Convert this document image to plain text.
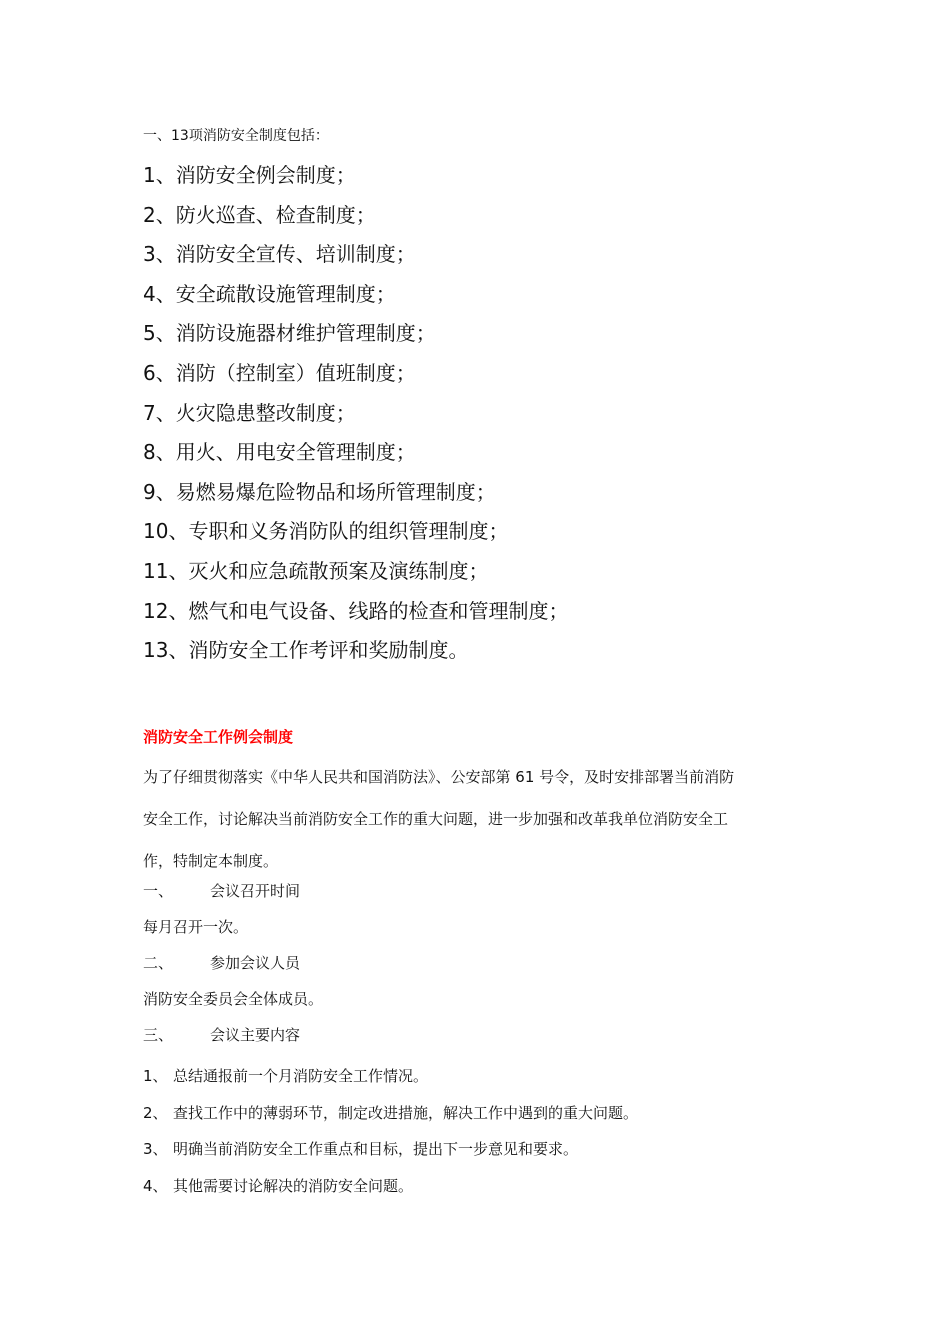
一、13项消防安全制度包括：
1、消防安全例会制度；
2、防火巡查、检查制度；
3、消防安全宣传、培训制度；
4、安全疏散设施管理制度；
5、消防设施器材维护管理制度；
6、消防（控制室）值班制度；
7、火灾隐患整改制度；
8、用火、用电安全管理制度；
9、易燃易爆危险物品和场所管理制度；
10、专职和义务消防队的组织管理制度；
11、灭火和应急疏散预案及演练制度；
12、燃气和电气设备、线路的检查和管理制度；
13、消防安全工作考评和奖励制度。
消防安全工作例会制度

为了仔细贯彻落实《中华人民共和国消防法》、公安部第 61 号令，及时安排部署当前消防
安全工作，讨论解决当前消防安全工作的重大问题，进一步加强和改革我单位消防安全工
作，特制定本制度。

一、 会议召开时间
每月召开一次。
二、 参加会议人员
消防安全委员会全体成员。
三、 会议主要内容
1、 总结通报前一个月消防安全工作情况。
2、 查找工作中的薄弱环节，制定改进措施，解决工作中遇到的重大问题。
3、 明确当前消防安全工作重点和目标，提出下一步意见和要求。
4、 其他需要讨论解决的消防安全问题。
